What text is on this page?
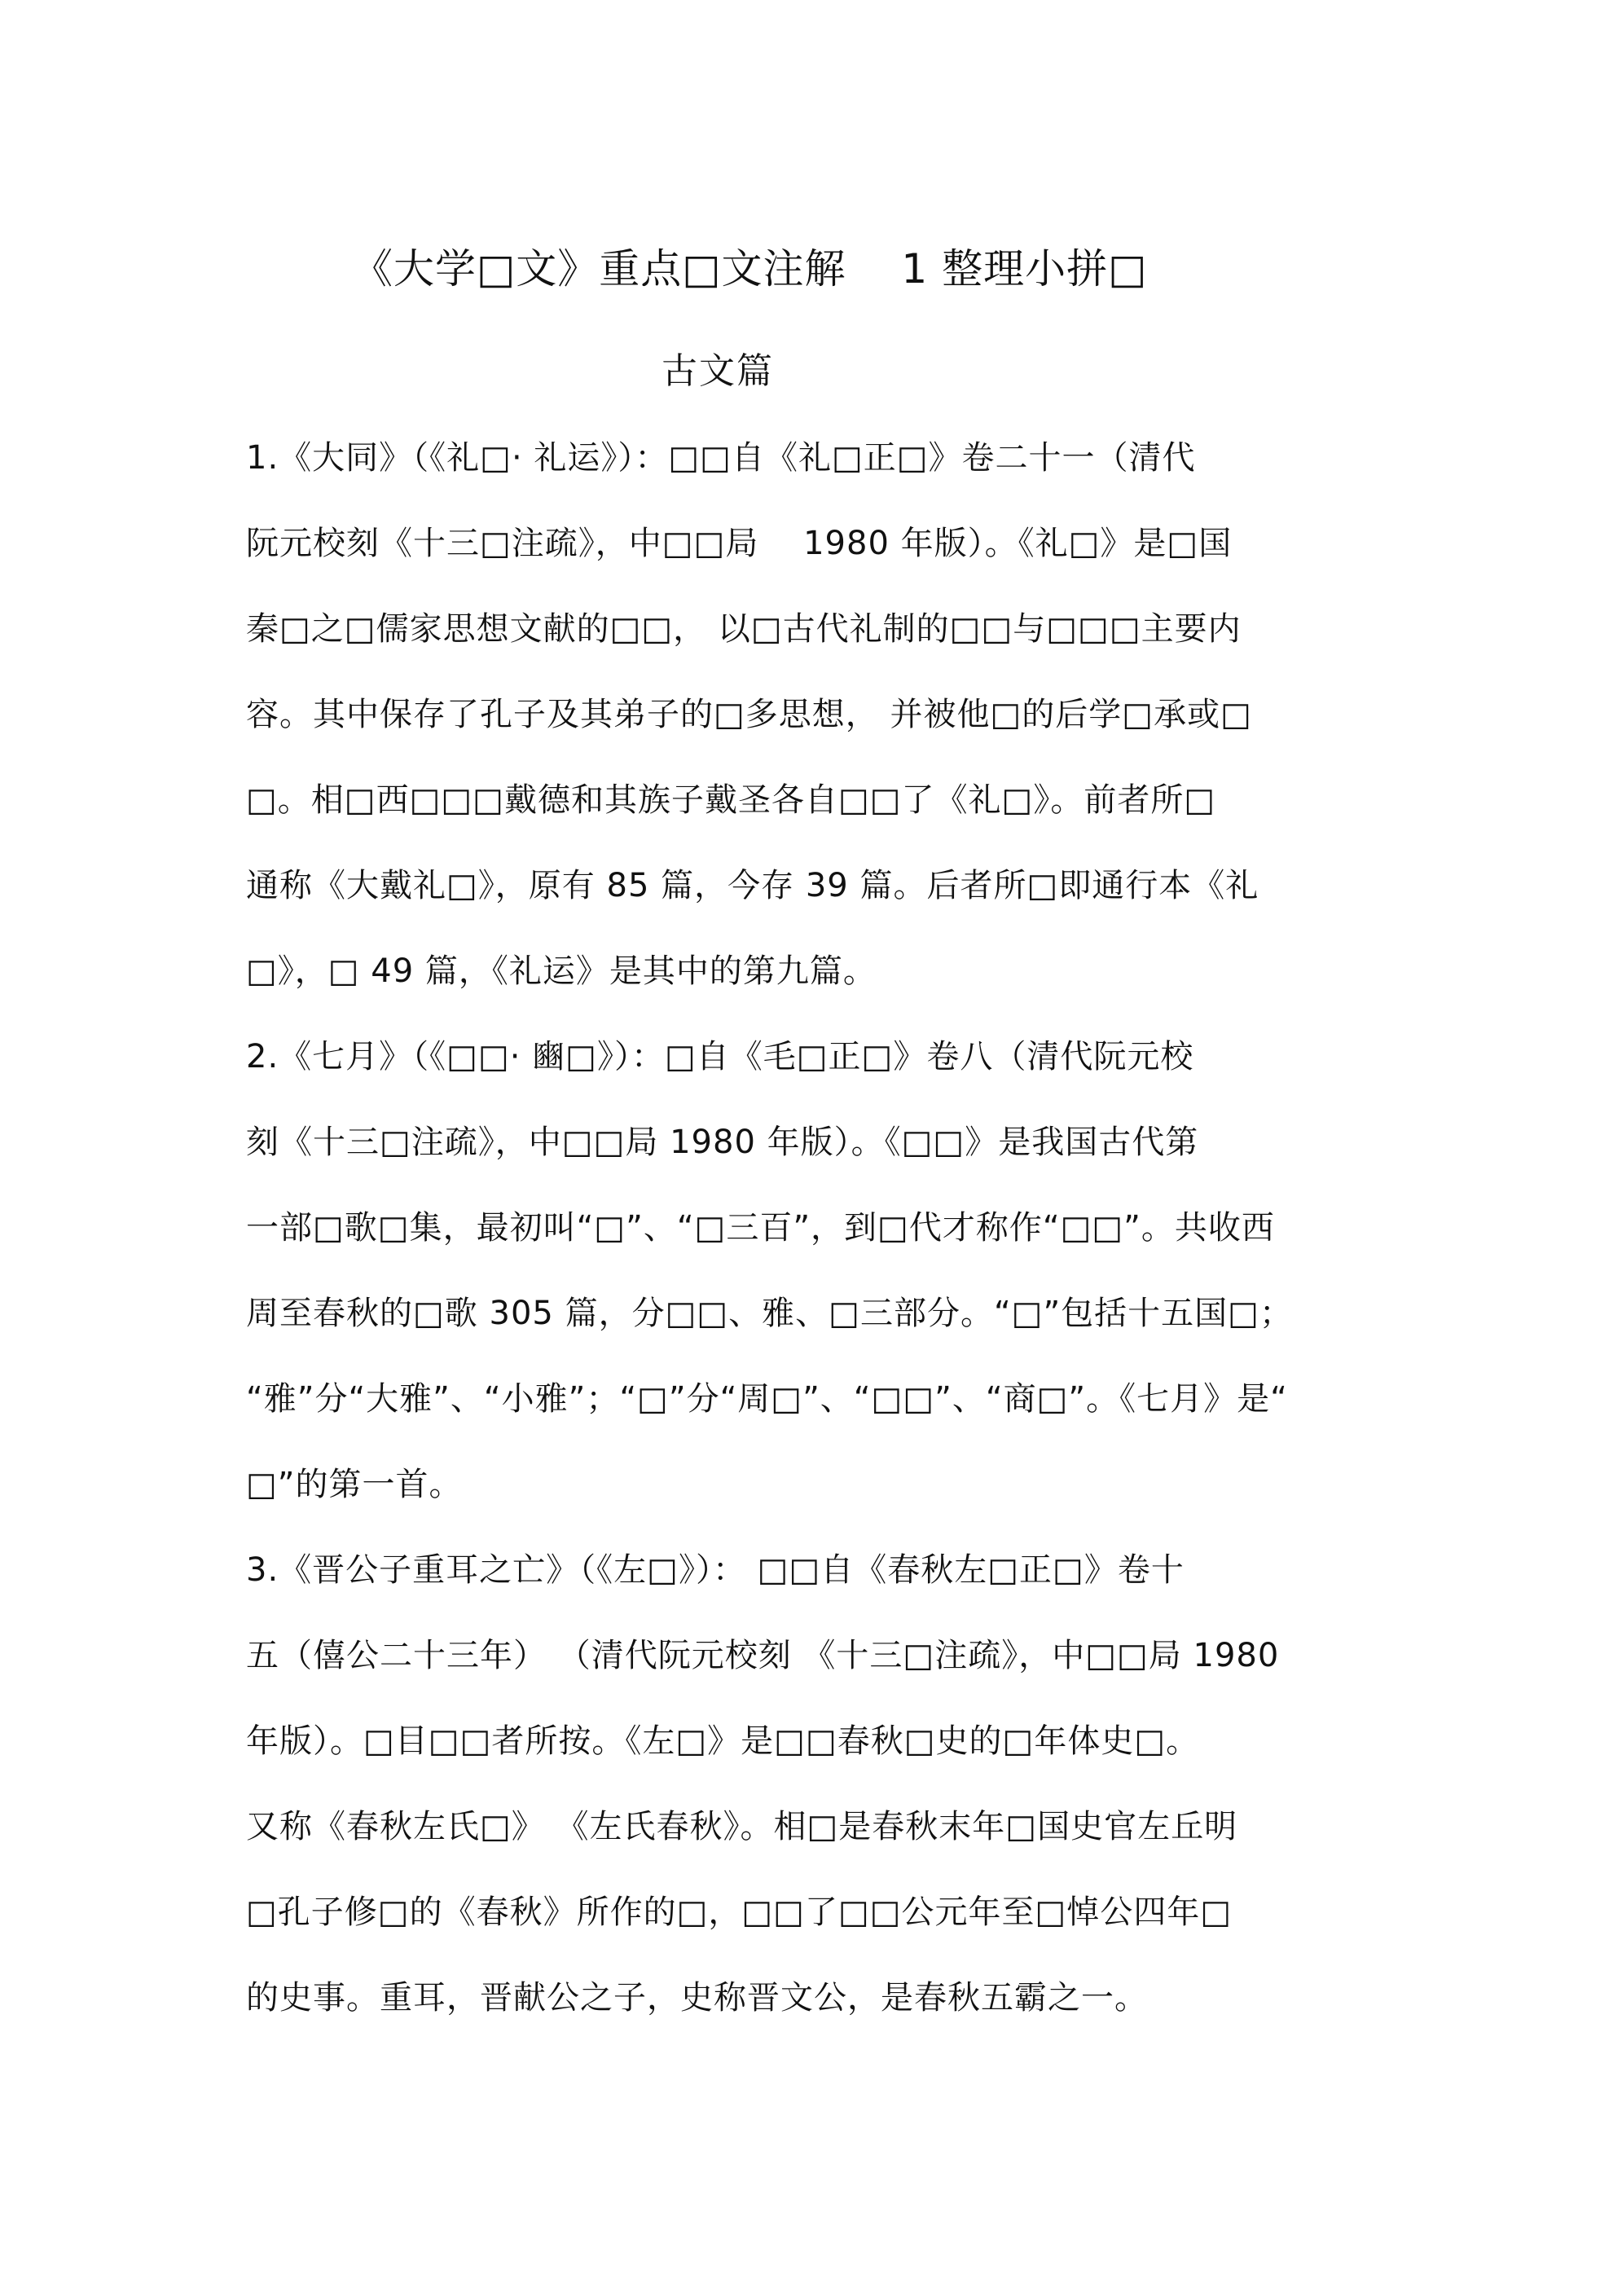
《大学□文》重点□文注解　 1 整理小拼□
古文篇
1.《大同》（《礼□· 礼运》）：□□自《礼□正□》卷二十一（清代
阮元校刻《十三□注疏》，中□□局　 1980 年版）。《礼□》是□国
秦□之□儒家思想文献的□□， 以□古代礼制的□□与□□□主要内
容。其中保存了孔子及其弟子的□多思想， 并被他□的后学□承或□
□。相□西□□□戴德和其族子戴圣各自□□了《礼□》。前者所□
通称《大戴礼□》，原有 85 篇，今存 39 篇。后者所□即通行本《礼
□》，□ 49 篇，《礼运》是其中的第九篇。
2.《七月》（《□□· 豳□》）：□自《毛□正□》卷八（清代阮元校
刻《十三□注疏》，中□□局 1980 年版）。《□□》是我国古代第
一部□歌□集，最初叫“□”、“□三百”，到□代才称作“□□”。共收西
周至春秋的□歌 305 篇，分□□、雅、□三部分。“□”包括十五国□；
“雅”分“大雅”、“小雅”；“□”分“周□”、“□□”、“商□”。《七月》是“
□”的第一首。
3.《晋公子重耳之亡》（《左□》）： □□自《春秋左□正□》卷十
五（僖公二十三年） （清代阮元校刻 《十三□注疏》，中□□局 1980
年版）。□目□□者所按。《左□》是□□春秋□史的□年体史□。
又称《春秋左氏□》 《左氏春秋》。相□是春秋末年□国史官左丘明
□孔子修□的《春秋》所作的□，□□了□□公元年至□悼公四年□
的史事。重耳，晋献公之子，史称晋文公，是春秋五霸之一。
